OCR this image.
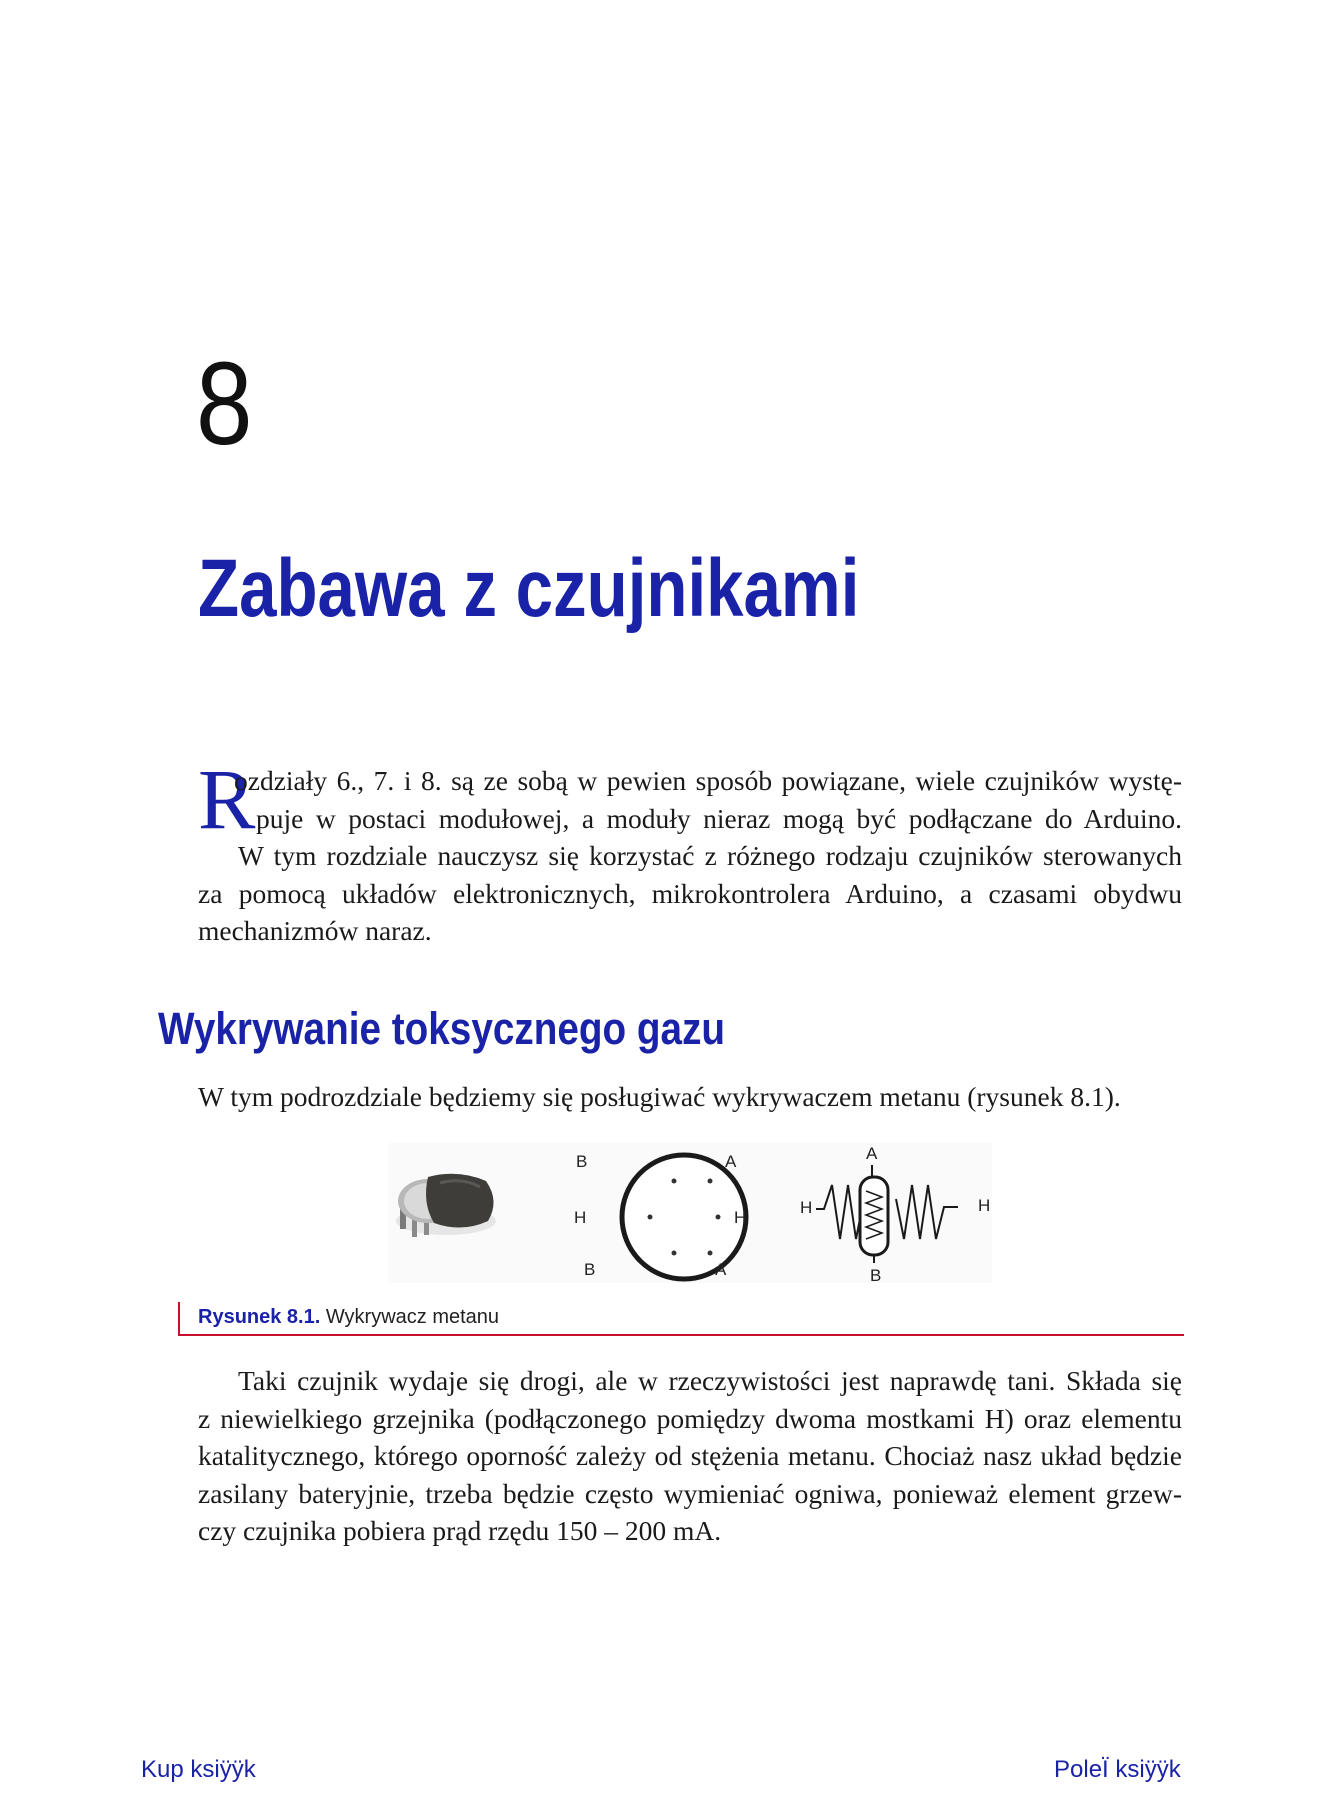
8
Zabawa z czujnikami
R
ozdziały 6., 7. i 8. są ze sobą w pewien sposób powiązane, wiele czujników wystę-
puje w postaci modułowej, a moduły nieraz mogą być podłączane do Arduino.
W tym rozdziale nauczysz się korzystać z różnego rodzaju czujników sterowanych
za pomocą układów elektronicznych, mikrokontrolera Arduino, a czasami obydwu
mechanizmów naraz.
Wykrywanie toksycznego gazu
W tym podrozdziale będziemy się posługiwać wykrywaczem metanu (rysunek 8.1).
B	A
H	H
B	A
A
B
H	H
Rysunek 8.1. Wykrywacz metanu
Taki czujnik wydaje się drogi, ale w rzeczywistości jest naprawdę tani. Składa się
z niewielkiego grzejnika (podłączonego pomiędzy dwoma mostkami H) oraz elementu
katalitycznego, którego oporność zależy od stężenia metanu. Chociaż nasz układ będzie
zasilany bateryjnie, trzeba będzie często wymieniać ogniwa, ponieważ element grzew-
czy czujnika pobiera prąd rzędu 150 – 200 mA.
Kup ksiÿÿk	PoleÏ ksiÿÿk
